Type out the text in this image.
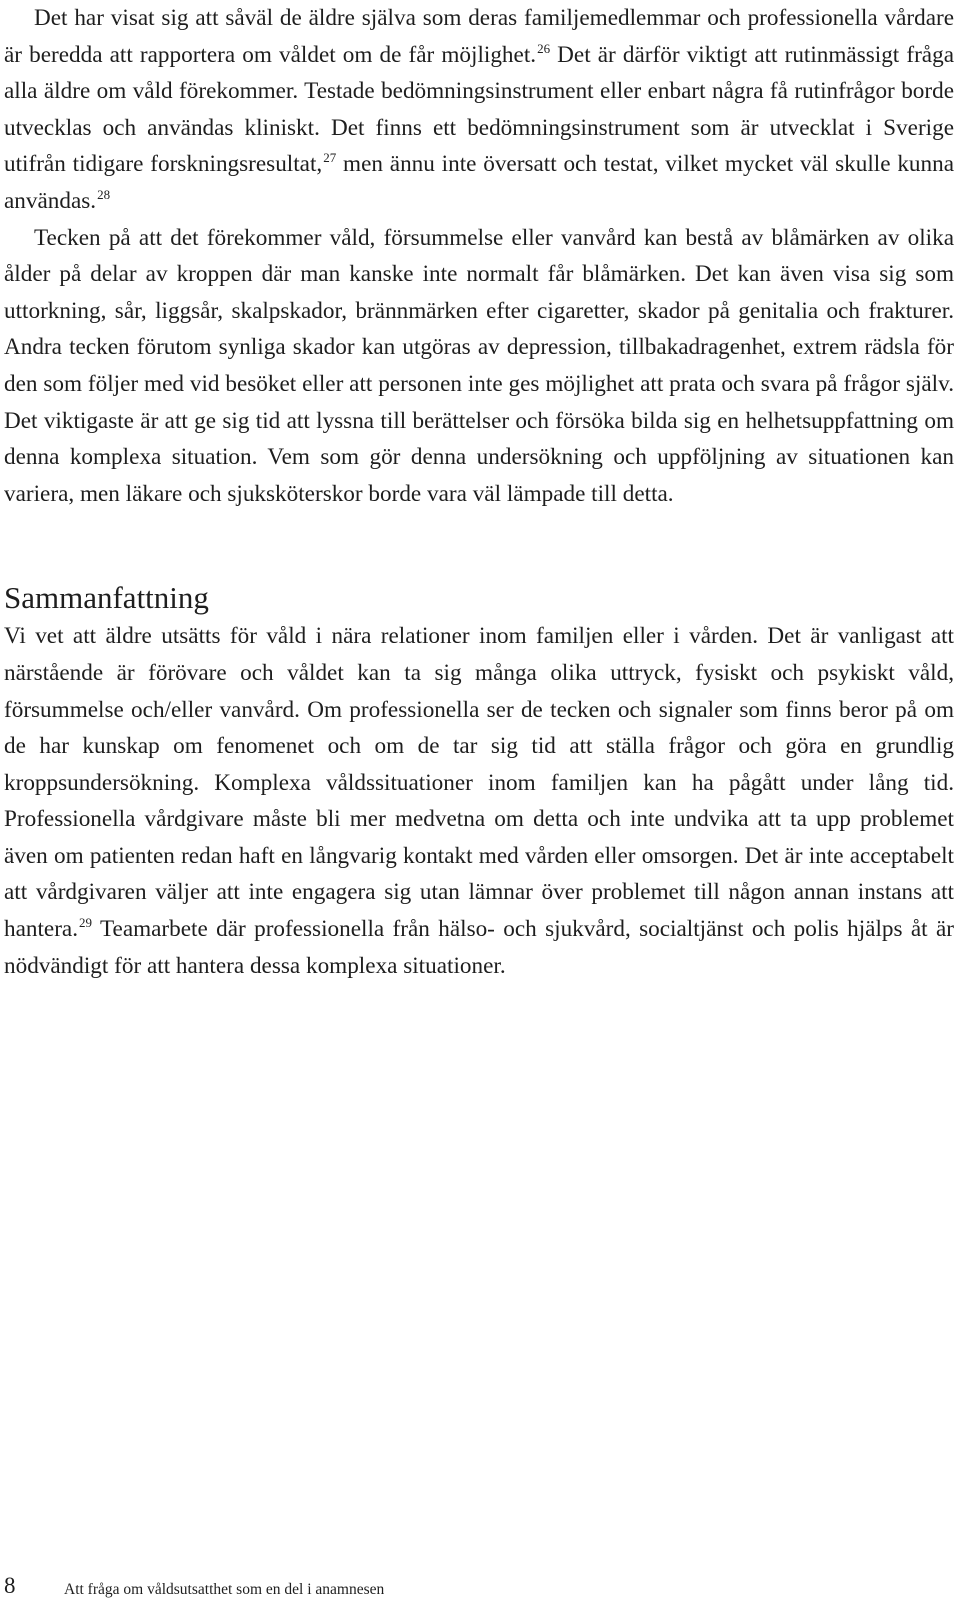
Det har visat sig att såväl de äldre själva som deras familjemedlemmar och professionella vårdare är beredda att rapportera om våldet om de får möjlighet.$^{26}$ Det är därför viktigt att rutinmässigt fråga alla äldre om våld förekommer. Testade bedömningsinstrument eller enbart några få rutinfrågor borde utvecklas och användas kliniskt. Det finns ett bedömningsinstrument som är utvecklat i Sverige utifrån tidigare forskningsresultat,$^{27}$ men ännu inte översatt och testat, vilket mycket väl skulle kunna användas.$^{28}$

Tecken på att det förekommer våld, försummelse eller vanvård kan bestå av blåmärken av olika ålder på delar av kroppen där man kanske inte normalt får blåmärken. Det kan även visa sig som uttorkning, sår, liggsår, skalpskador, brännmärken efter cigaretter, skador på genitalia och frakturer. Andra tecken förutom synliga skador kan utgöras av depression, tillbakadragenhet, extrem rädsla för den som följer med vid besöket eller att personen inte ges möjlighet att prata och svara på frågor själv. Det viktigaste är att ge sig tid att lyssna till berättelser och försöka bilda sig en helhetsuppfattning om denna komplexa situation. Vem som gör denna undersökning och uppföljning av situationen kan variera, men läkare och sjuksköterskor borde vara väl lämpade till detta.

Sammanfattning

Vi vet att äldre utsätts för våld i nära relationer inom familjen eller i vården. Det är vanligast att närstående är förövare och våldet kan ta sig många olika uttryck, fysiskt och psykiskt våld, försummelse och/eller vanvård. Om professionella ser de tecken och signaler som finns beror på om de har kunskap om fenomenet och om de tar sig tid att ställa frågor och göra en grundlig kroppsundersökning. Komplexa våldssituationer inom familjen kan ha pågått under lång tid. Professionella vårdgivare måste bli mer medvetna om detta och inte undvika att ta upp problemet även om patienten redan haft en långvarig kontakt med vården eller omsorgen. Det är inte acceptabelt att vårdgivaren väljer att inte engagera sig utan lämnar över problemet till någon annan instans att hantera.$^{29}$ Teamarbete där professionella från hälso- och sjukvård, socialtjänst och polis hjälps åt är nödvändigt för att hantera dessa komplexa situationer.

8	Att fråga om våldsutsatthet som en del i anamnesen
